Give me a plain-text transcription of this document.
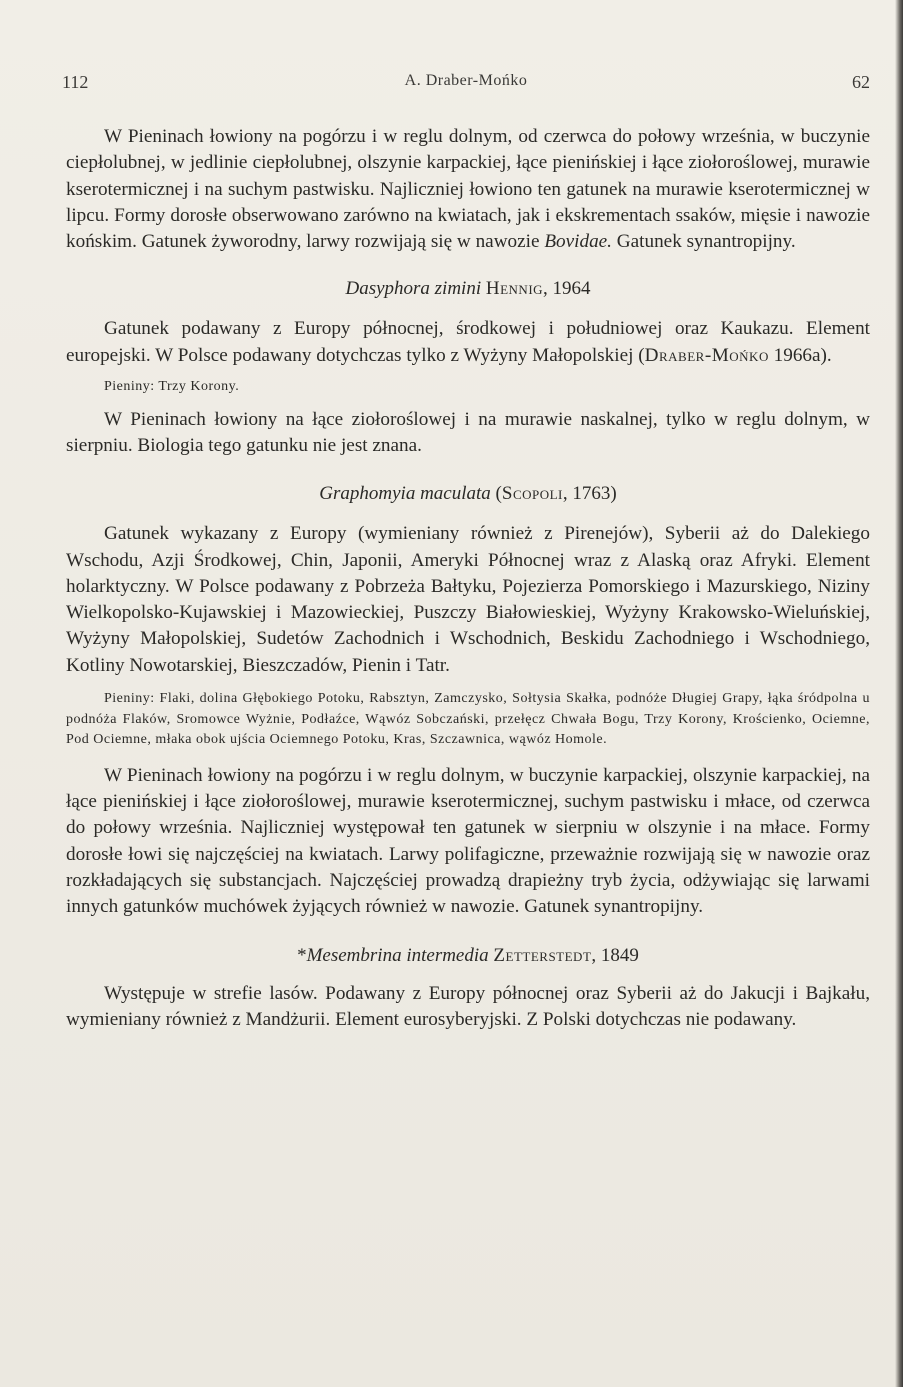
112	A. Draber-Mońko	62

W Pieninach łowiony na pogórzu i w reglu dolnym, od czerwca do połowy września, w buczynie ciepłolubnej, w jedlinie ciepłolubnej, olszynie karpackiej, łące pienińskiej i łące ziołoroślowej, murawie kserotermicznej i na suchym pastwisku. Najliczniej łowiono ten gatunek na murawie kserotermicznej w lipcu. Formy dorosłe obserwowano zarówno na kwiatach, jak i ekskrementach ssaków, mięsie i nawozie końskim. Gatunek żyworodny, larwy rozwijają się w nawozie Bovidae. Gatunek synantropijny.

Dasyphora zimini Hennig, 1964

Gatunek podawany z Europy północnej, środkowej i południowej oraz Kaukazu. Element europejski. W Polsce podawany dotychczas tylko z Wyżyny Małopolskiej (Draber-Mońko 1966a).

Pieniny: Trzy Korony.

W Pieninach łowiony na łące ziołoroślowej i na murawie naskalnej, tylko w reglu dolnym, w sierpniu. Biologia tego gatunku nie jest znana.

Graphomyia maculata (Scopoli, 1763)

Gatunek wykazany z Europy (wymieniany również z Pirenejów), Syberii aż do Dalekiego Wschodu, Azji Środkowej, Chin, Japonii, Ameryki Północnej wraz z Alaską oraz Afryki. Element holarktyczny. W Polsce podawany z Pobrzeża Bałtyku, Pojezierza Pomorskiego i Mazurskiego, Niziny Wielkopolsko-Kujawskiej i Mazowieckiej, Puszczy Białowieskiej, Wyżyny Krakowsko-Wieluńskiej, Wyżyny Małopolskiej, Sudetów Zachodnich i Wschodnich, Beskidu Zachodniego i Wschodniego, Kotliny Nowotarskiej, Bieszczadów, Pienin i Tatr.

Pieniny: Flaki, dolina Głębokiego Potoku, Rabsztyn, Zamczysko, Sołtysia Skałka, podnóże Długiej Grapy, łąka śródpolna u podnóża Flaków, Sromowce Wyżnie, Podłaźce, Wąwóz Sobczański, przełęcz Chwała Bogu, Trzy Korony, Krościenko, Ociemne, Pod Ociemne, młaka obok ujścia Ociemnego Potoku, Kras, Szczawnica, wąwóz Homole.

W Pieninach łowiony na pogórzu i w reglu dolnym, w buczynie karpackiej, olszynie karpackiej, na łące pienińskiej i łące ziołoroślowej, murawie kserotermicznej, suchym pastwisku i młace, od czerwca do połowy września. Najliczniej występował ten gatunek w sierpniu w olszynie i na młace. Formy dorosłe łowi się najczęściej na kwiatach. Larwy polifagiczne, przeważnie rozwijają się w nawozie oraz rozkładających się substancjach. Najczęściej prowadzą drapieżny tryb życia, odżywiając się larwami innych gatunków muchówek żyjących również w nawozie. Gatunek synantropijny.

*Mesembrina intermedia Zetterstedt, 1849

Występuje w strefie lasów. Podawany z Europy północnej oraz Syberii aż do Jakucji i Bajkału, wymieniany również z Mandżurii. Element eurosyberyjski. Z Polski dotychczas nie podawany.
